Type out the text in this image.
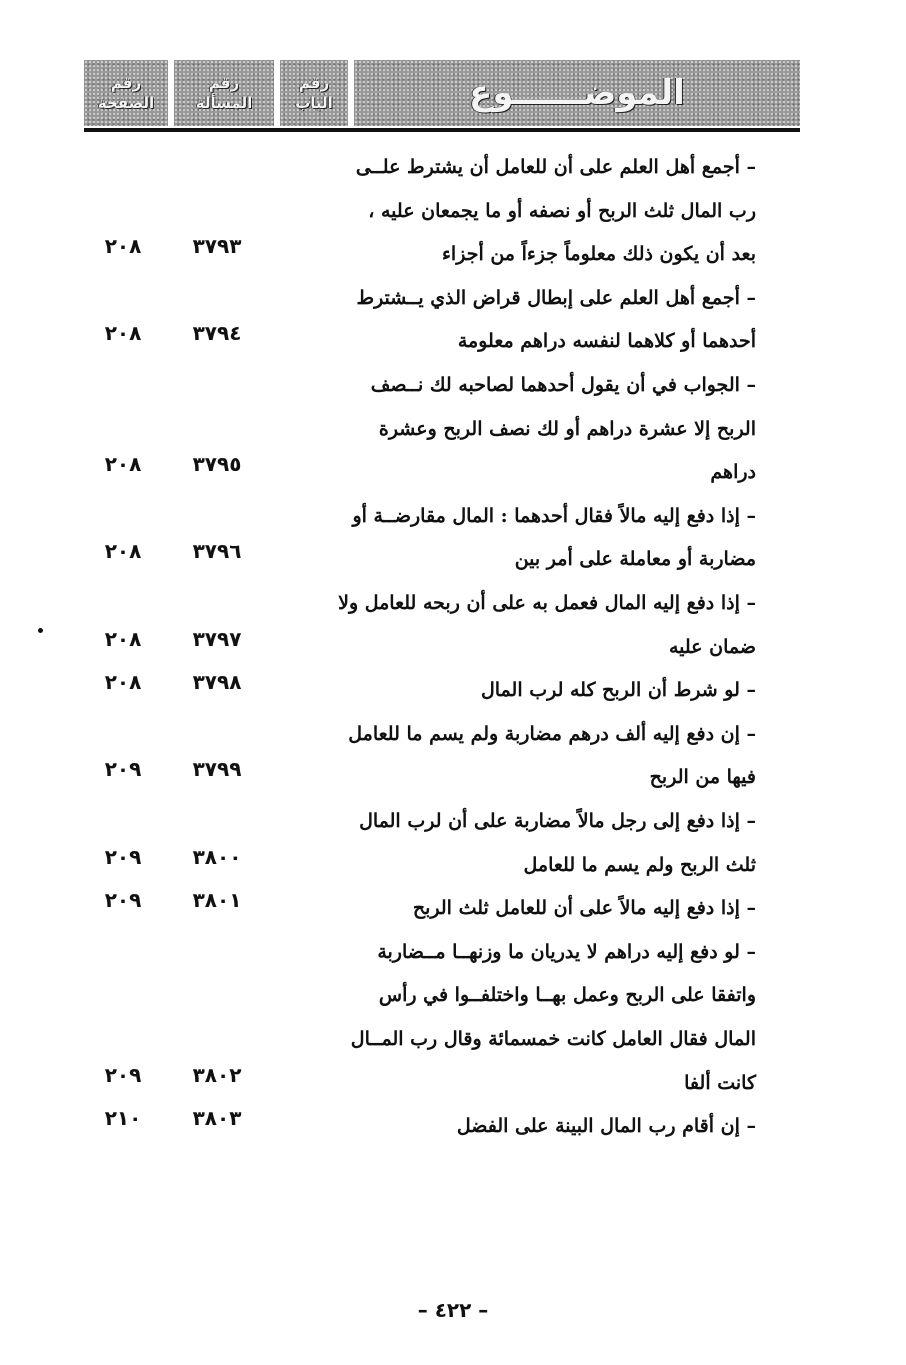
الموضــــــوع
رقم
الباب
رقم
المسألة
رقم
الصفحة
– أجمع أهل العلم على أن للعامل أن يشترط علــى
رب المال ثلث الربح أو نصفه أو ما يجمعان عليه ،
بعد أن يكون ذلك معلوماً جزءاً من أجزاء
٣٧٩٣
٢٠٨
– أجمع أهل العلم على إبطال قراض الذي يــشترط
أحدهما أو كلاهما لنفسه دراهم معلومة
٣٧٩٤
٢٠٨
– الجواب في أن يقول أحدهما لصاحبه لك نــصف
الربح إلا عشرة دراهم أو لك نصف الربح وعشرة
دراهم
٣٧٩٥
٢٠٨
– إذا دفع إليه مالاً فقال أحدهما : المال مقارضــة أو
مضاربة أو معاملة على أمر بين
٣٧٩٦
٢٠٨
– إذا دفع إليه المال فعمل به على أن ربحه للعامل ولا
ضمان عليه
٣٧٩٧
٢٠٨
– لو شرط أن الربح كله لرب المال
٣٧٩٨
٢٠٨
– إن دفع إليه ألف درهم مضاربة ولم يسم ما للعامل
فيها من الربح
٣٧٩٩
٢٠٩
– إذا دفع إلى رجل مالاً مضاربة على أن لرب المال
ثلث الربح ولم يسم ما للعامل
٣٨٠٠
٢٠٩
– إذا دفع إليه مالاً على أن للعامل ثلث الربح
٣٨٠١
٢٠٩
– لو دفع إليه دراهم لا يدريان ما وزنهــا مــضاربة
واتفقا على الربح وعمل بهــا واختلفــوا في رأس
المال فقال العامل كانت خمسمائة وقال رب المــال
كانت ألفا
٣٨٠٢
٢٠٩
– إن أقام رب المال البينة على الفضل
٣٨٠٣
٢١٠
– ٤٢٢ –
